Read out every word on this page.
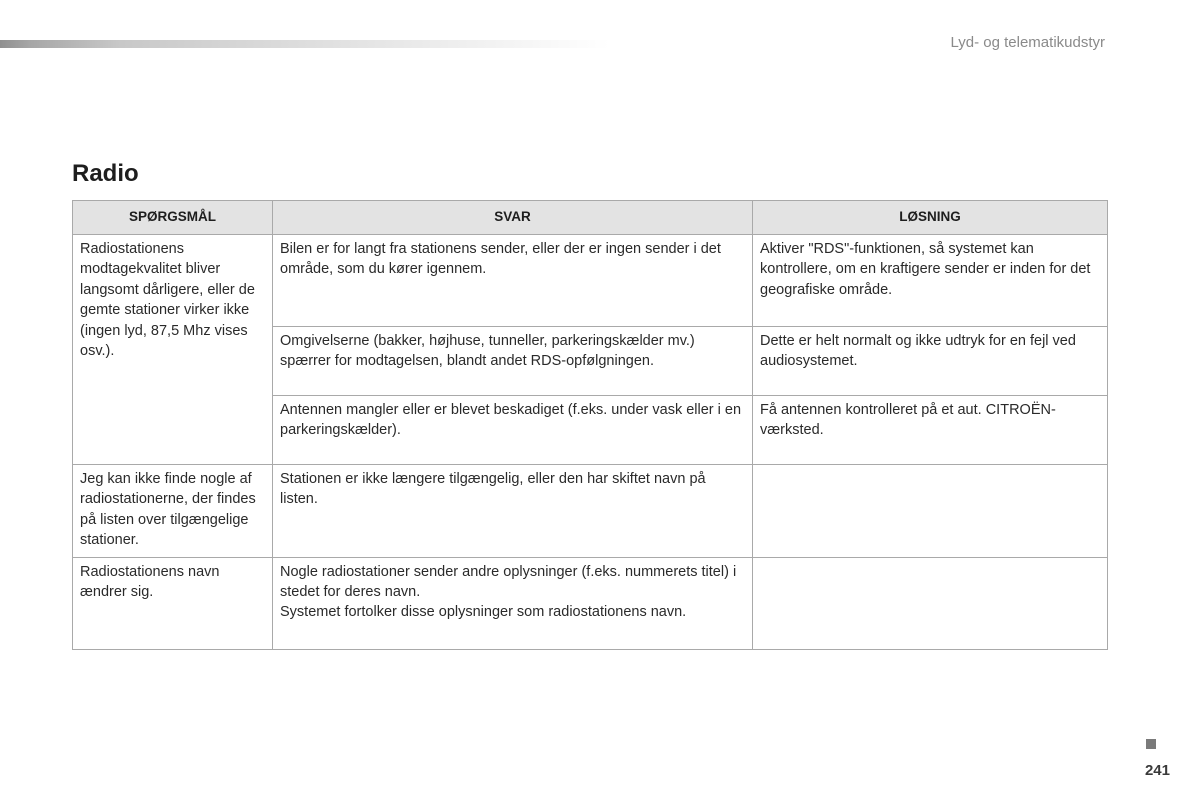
Lyd- og telematikudstyr

Radio
SPØRGSMÅL	SVAR	LØSNING
Radiostationens modtagekvalitet bliver langsomt dårligere, eller de gemte stationer virker ikke (ingen lyd, 87,5 Mhz vises osv.).	Bilen er for langt fra stationens sender, eller der er ingen sender i det område, som du kører igennem.	Aktiver "RDS"-funktionen, så systemet kan kontrollere, om en kraftigere sender er inden for det geografiske område.
	Omgivelserne (bakker, højhuse, tunneller, parkeringskælder mv.) spærrer for modtagelsen, blandt andet RDS-opfølgningen.	Dette er helt normalt og ikke udtryk for en fejl ved audiosystemet.
	Antennen mangler eller er blevet beskadiget (f.eks. under vask eller i en parkeringskælder).	Få antennen kontrolleret på et aut. CITROËN-værksted.
Jeg kan ikke finde nogle af radiostationerne, der findes på listen over tilgængelige stationer.	Stationen er ikke længere tilgængelig, eller den har skiftet navn på listen.	
Radiostationens navn ændrer sig.	Nogle radiostationer sender andre oplysninger (f.eks. nummerets titel) i stedet for deres navn.
Systemet fortolker disse oplysninger som radiostationens navn.	

241
